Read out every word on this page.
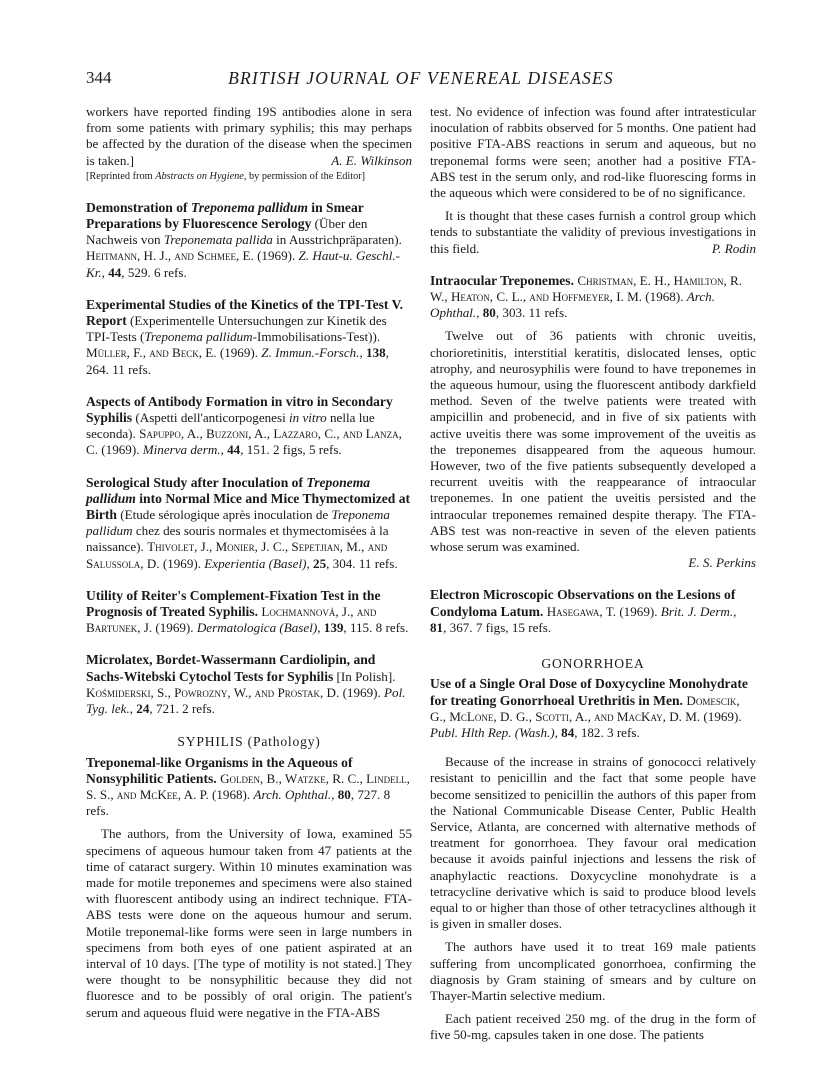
344	BRITISH JOURNAL OF VENEREAL DISEASES

workers have reported finding 19S antibodies alone in sera from some patients with primary syphilis; this may perhaps be affected by the duration of the disease when the specimen is taken.]	A. E. Wilkinson

[Reprinted from Abstracts on Hygiene, by permission of the Editor]
Demonstration of Treponema pallidum in Smear Preparations by Fluorescence Serology (Über den Nachweis von Treponemata pallida in Ausstrichpräparaten). Heitmann, H. J., and Schmee, E. (1969). Z. Haut-u. Geschl.-Kr., 44, 529. 6 refs.
Experimental Studies of the Kinetics of the TPI-Test V. Report (Experimentelle Untersuchungen zur Kinetik des TPI-Tests (Treponema pallidum-Immobilisations-Test)). Müller, F., and Beck, E. (1969). Z. Immun.-Forsch., 138, 264. 11 refs.
Aspects of Antibody Formation in vitro in Secondary Syphilis (Aspetti dell'anticorpogenesi in vitro nella lue seconda). Sapuppo, A., Buzzoni, A., Lazzaro, C., and Lanza, C. (1969). Minerva derm., 44, 151. 2 figs, 5 refs.
Serological Study after Inoculation of Treponema pallidum into Normal Mice and Mice Thymectomized at Birth (Etude sérologique après inoculation de Treponema pallidum chez des souris normales et thymectomisées à la naissance). Thivolet, J., Monier, J. C., Sepetjian, M., and Salussola, D. (1969). Experientia (Basel), 25, 304. 11 refs.
Utility of Reiter's Complement-Fixation Test in the Prognosis of Treated Syphilis. Lochmannová, J., and Bartunek, J. (1969). Dermatologica (Basel), 139, 115. 8 refs.
Microlatex, Bordet-Wassermann Cardiolipin, and Sachs-Witebski Cytochol Tests for Syphilis [In Polish]. Kośmiderski, S., Powrozny, W., and Prostak, D. (1969). Pol. Tyg. lek., 24, 721. 2 refs.
SYPHILIS (Pathology)
Treponemal-like Organisms in the Aqueous of Nonsyphilitic Patients. Golden, B., Watzke, R. C., Lindell, S. S., and McKee, A. P. (1968). Arch. Ophthal., 80, 727. 8 refs.

The authors, from the University of Iowa, examined 55 specimens of aqueous humour taken from 47 patients at the time of cataract surgery. Within 10 minutes examination was made for motile treponemes and specimens were also stained with fluorescent antibody using an indirect technique. FTA-ABS tests were done on the aqueous humour and serum. Motile treponemal-like forms were seen in large numbers in specimens from both eyes of one patient aspirated at an interval of 10 days. [The type of motility is not stated.] They were thought to be nonsyphilitic because they did not fluoresce and to be possibly of oral origin. The patient's serum and aqueous fluid were negative in the FTA-ABS

test. No evidence of infection was found after intratesticular inoculation of rabbits observed for 5 months. One patient had positive FTA-ABS reactions in serum and aqueous, but no treponemal forms were seen; another had a positive FTA-ABS test in the serum only, and rod-like fluorescing forms in the aqueous which were considered to be of no significance.

It is thought that these cases furnish a control group which tends to substantiate the validity of previous investigations in this field.	P. Rodin

Intraocular Treponemes. Christman, E. H., Hamilton, R. W., Heaton, C. L., and Hoffmeyer, I. M. (1968). Arch. Ophthal., 80, 303. 11 refs.

Twelve out of 36 patients with chronic uveitis, chorioretinitis, interstitial keratitis, dislocated lenses, optic atrophy, and neurosyphilis were found to have treponemes in the aqueous humour, using the fluorescent antibody darkfield method. Seven of the twelve patients were treated with ampicillin and probenecid, and in five of six patients with active uveitis there was some improvement of the uveitis as the treponemes disappeared from the aqueous humour. However, two of the five patients subsequently developed a recurrent uveitis with the reappearance of intraocular treponemes. In one patient the uveitis persisted and the intraocular treponemes remained despite therapy. The FTA-ABS test was non-reactive in seven of the eleven patients whose serum was examined.

E. S. Perkins
Electron Microscopic Observations on the Lesions of Condyloma Latum. Hasegawa, T. (1969). Brit. J. Derm., 81, 367. 7 figs, 15 refs.
GONORRHOEA
Use of a Single Oral Dose of Doxycycline Monohydrate for treating Gonorrhoeal Urethritis in Men. Domescik, G., McLone, D. G., Scotti, A., and MacKay, D. M. (1969). Publ. Hlth Rep. (Wash.), 84, 182. 3 refs.

Because of the increase in strains of gonococci relatively resistant to penicillin and the fact that some people have become sensitized to penicillin the authors of this paper from the National Communicable Disease Center, Public Health Service, Atlanta, are concerned with alternative methods of treatment for gonorrhoea. They favour oral medication because it avoids painful injections and lessens the risk of anaphylactic reactions. Doxycycline monohydrate is a tetracycline derivative which is said to produce blood levels equal to or higher than those of other tetracyclines although it is given in smaller doses.

The authors have used it to treat 169 male patients suffering from uncomplicated gonorrhoea, confirming the diagnosis by Gram staining of smears and by culture on Thayer-Martin selective medium.

Each patient received 250 mg. of the drug in the form of five 50-mg. capsules taken in one dose. The patients
